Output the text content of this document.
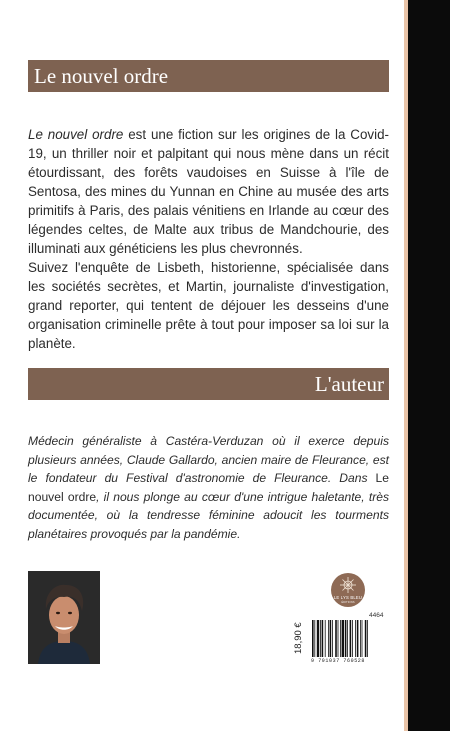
Le nouvel ordre

Le nouvel ordre est une fiction sur les origines de la Covid-19, un thriller noir et palpitant qui nous mène dans un récit étourdissant, des forêts vaudoises en Suisse à l'île de Sentosa, des mines du Yunnan en Chine au musée des arts primitifs à Paris, des palais vénitiens en Irlande au cœur des légendes celtes, de Malte aux tribus de Mandchourie, des illuminati aux généticiens les plus chevronnés.

Suivez l'enquête de Lisbeth, historienne, spécialisée dans les sociétés secrètes, et Martin, journaliste d'investigation, grand reporter, qui tentent de déjouer les desseins d'une organisation criminelle prête à tout pour imposer sa loi sur la planète.

L'auteur
Médecin généraliste à Castéra-Verduzan où il exerce depuis plusieurs années, Claude Gallardo, ancien maire de Fleurance, est le fondateur du Festival d'astronomie de Fleurance. Dans Le nouvel ordre, il nous plonge au cœur d'une intrigue haletante, très documentée, où la tendresse féminine adoucit les tourments planétaires provoqués par la pandémie.
LE LYS BLEU
ÉDITIONS
4464
18,90 €
9 791037 760528
